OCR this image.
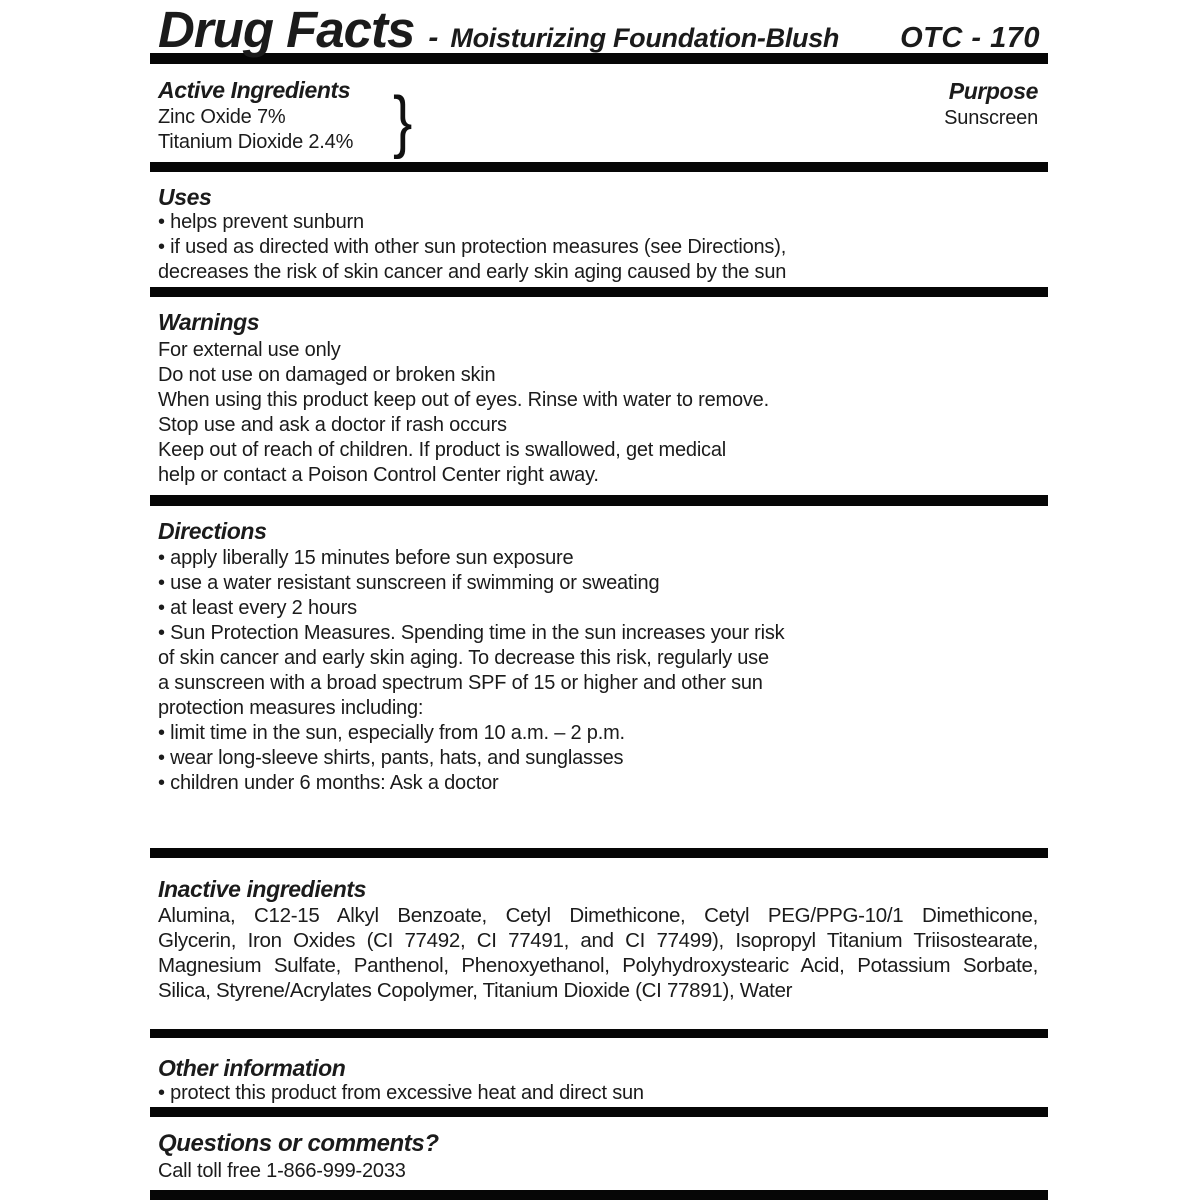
Drug Facts - Moisturizing Foundation-Blush OTC - 170
Active Ingredients
Zinc Oxide 7%
Titanium Dioxide 2.4% }	Purpose
Sunscreen
Uses
• helps prevent sunburn
• if used as directed with other sun protection measures (see Directions),
decreases the risk of skin cancer and early skin aging caused by the sun
Warnings
For external use only
Do not use on damaged or broken skin
When using this product keep out of eyes. Rinse with water to remove.
Stop use and ask a doctor if rash occurs
Keep out of reach of children. If product is swallowed, get medical
help or contact a Poison Control Center right away.
Directions
• apply liberally 15 minutes before sun exposure
• use a water resistant sunscreen if swimming or sweating
• at least every 2 hours
• Sun Protection Measures. Spending time in the sun increases your risk
of skin cancer and early skin aging. To decrease this risk, regularly use
a sunscreen with a broad spectrum SPF of 15 or higher and other sun
protection measures including:
• limit time in the sun, especially from 10 a.m. – 2 p.m.
• wear long-sleeve shirts, pants, hats, and sunglasses
• children under 6 months: Ask a doctor
Inactive ingredients
Alumina, C12-15 Alkyl Benzoate, Cetyl Dimethicone, Cetyl PEG/PPG-10/1 Dimethicone,
Glycerin, Iron Oxides (CI 77492, CI 77491, and CI 77499), Isopropyl Titanium Triisostearate,
Magnesium Sulfate, Panthenol, Phenoxyethanol, Polyhydroxystearic Acid, Potassium Sorbate,
Silica, Styrene/Acrylates Copolymer, Titanium Dioxide (CI 77891), Water
Other information
• protect this product from excessive heat and direct sun
Questions or comments?
Call toll free 1-866-999-2033
